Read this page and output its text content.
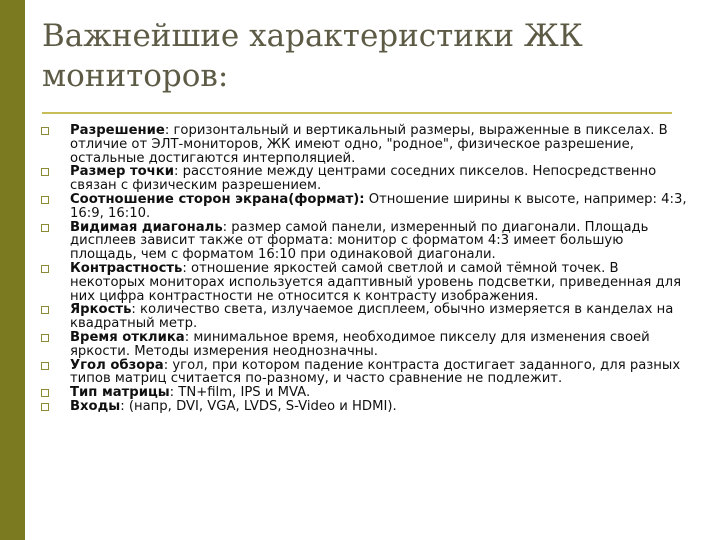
Важнейшие характеристики ЖК
мониторов:
Разрешение: горизонтальный и вертикальный размеры, выраженные в пикселах. В отличие от ЭЛТ-мониторов, ЖК имеют одно, "родное", физическое разрешение, остальные достигаются интерполяцией.
Размер точки: расстояние между центрами соседних пикселов. Непосредственно связан с физическим разрешением.
Соотношение сторон экрана(формат): Отношение ширины к высоте, например: 4:3, 16:9, 16:10.
Видимая диагональ: размер самой панели, измеренный по диагонали. Площадь дисплеев зависит также от формата: монитор с форматом 4:3 имеет большую площадь, чем с форматом 16:10 при одинаковой диагонали.
Контрастность: отношение яркостей самой светлой и самой тёмной точек. В некоторых мониторах используется адаптивный уровень подсветки, приведенная для них цифра контрастности не относится к контрасту изображения.
Яркость: количество света, излучаемое дисплеем, обычно измеряется в канделах на квадратный метр.
Время отклика: минимальное время, необходимое пикселу для изменения своей яркости. Методы измерения неоднозначны.
Угол обзора: угол, при котором падение контраста достигает заданного, для разных типов матриц считается по-разному, и часто сравнение не подлежит.
Тип матрицы: TN+film, IPS и MVA.
Входы: (напр, DVI, VGA, LVDS, S-Video и HDMI).
